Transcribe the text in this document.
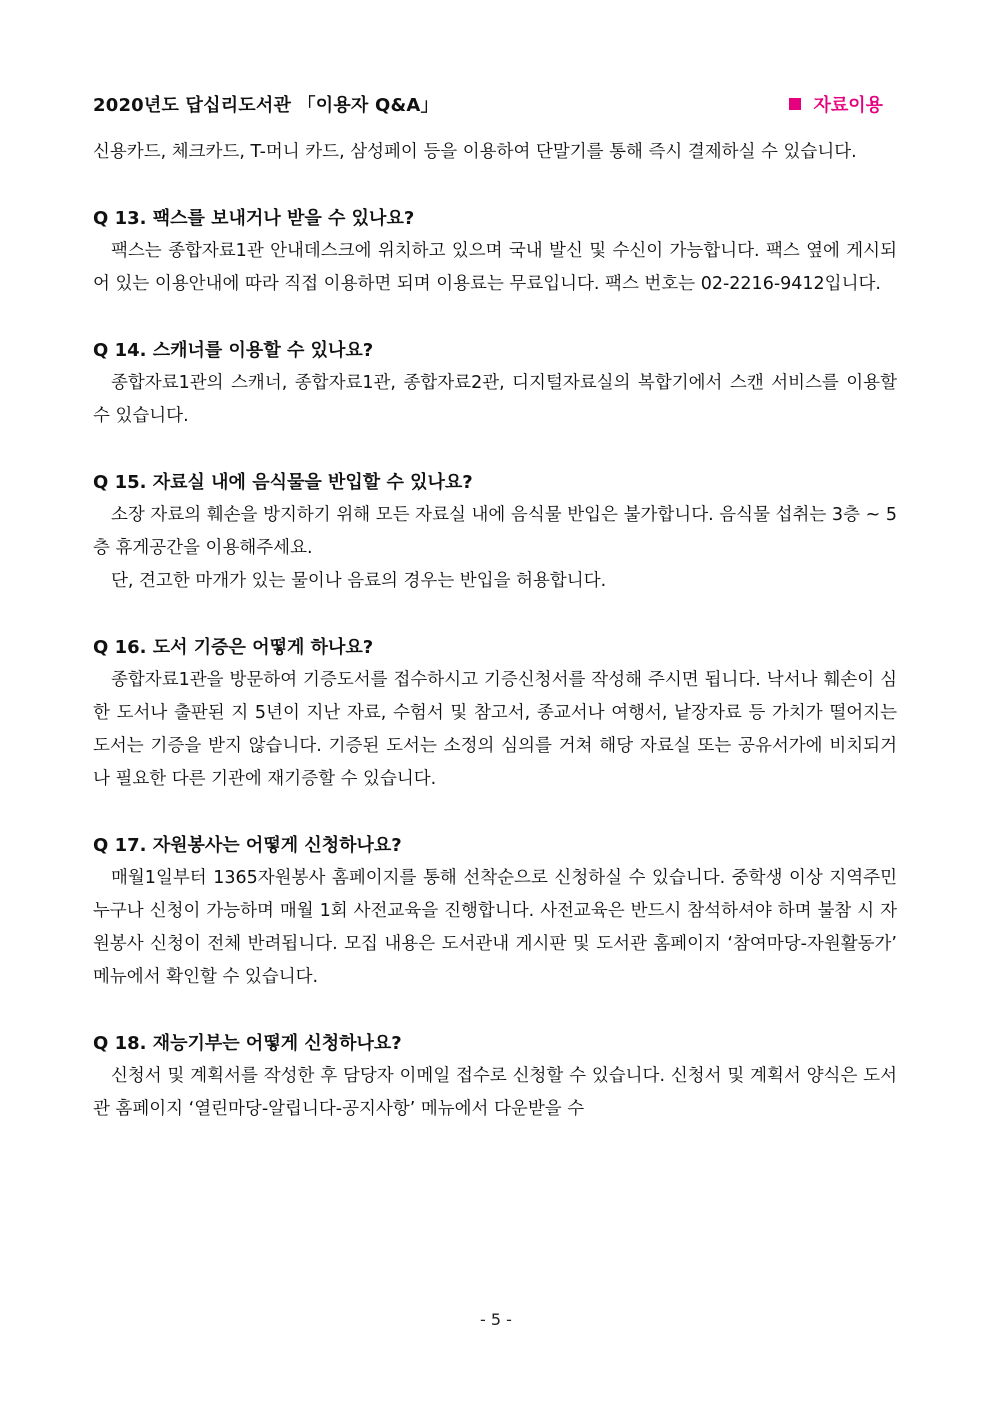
2020년도 답십리도서관 「이용자 Q&A」	자료이용

신용카드, 체크카드, T-머니 카드, 삼성페이 등을 이용하여 단말기를 통해 즉시 결제하실 수 있습니다.

Q 13. 팩스를 보내거나 받을 수 있나요?

팩스는 종합자료1관 안내데스크에 위치하고 있으며 국내 발신 및 수신이 가능합니다. 팩스 옆에 게시되어 있는 이용안내에 따라 직접 이용하면 되며 이용료는 무료입니다. 팩스 번호는 02-2216-9412입니다.

Q 14. 스캐너를 이용할 수 있나요?

종합자료1관의 스캐너, 종합자료1관, 종합자료2관, 디지털자료실의 복합기에서 스캔 서비스를 이용할 수 있습니다.

Q 15. 자료실 내에 음식물을 반입할 수 있나요?

소장 자료의 훼손을 방지하기 위해 모든 자료실 내에 음식물 반입은 불가합니다. 음식물 섭취는 3층 ~ 5층 휴게공간을 이용해주세요.

단, 견고한 마개가 있는 물이나 음료의 경우는 반입을 허용합니다.

Q 16. 도서 기증은 어떻게 하나요?

종합자료1관을 방문하여 기증도서를 접수하시고 기증신청서를 작성해 주시면 됩니다. 낙서나 훼손이 심한 도서나 출판된 지 5년이 지난 자료, 수험서 및 참고서, 종교서나 여행서, 낱장자료 등 가치가 떨어지는 도서는 기증을 받지 않습니다. 기증된 도서는 소정의 심의를 거쳐 해당 자료실 또는 공유서가에 비치되거나 필요한 다른 기관에 재기증할 수 있습니다.

Q 17. 자원봉사는 어떻게 신청하나요?

매월1일부터 1365자원봉사 홈페이지를 통해 선착순으로 신청하실 수 있습니다. 중학생 이상 지역주민 누구나 신청이 가능하며 매월 1회 사전교육을 진행합니다. 사전교육은 반드시 참석하셔야 하며 불참 시 자원봉사 신청이 전체 반려됩니다. 모집 내용은 도서관내 게시판 및 도서관 홈페이지 ‘참여마당-자원활동가’ 메뉴에서 확인할 수 있습니다.

Q 18. 재능기부는 어떻게 신청하나요?

신청서 및 계획서를 작성한 후 담당자 이메일 접수로 신청할 수 있습니다. 신청서 및 계획서 양식은 도서관 홈페이지 ‘열린마당-알립니다-공지사항’ 메뉴에서 다운받을 수

- 5 -
